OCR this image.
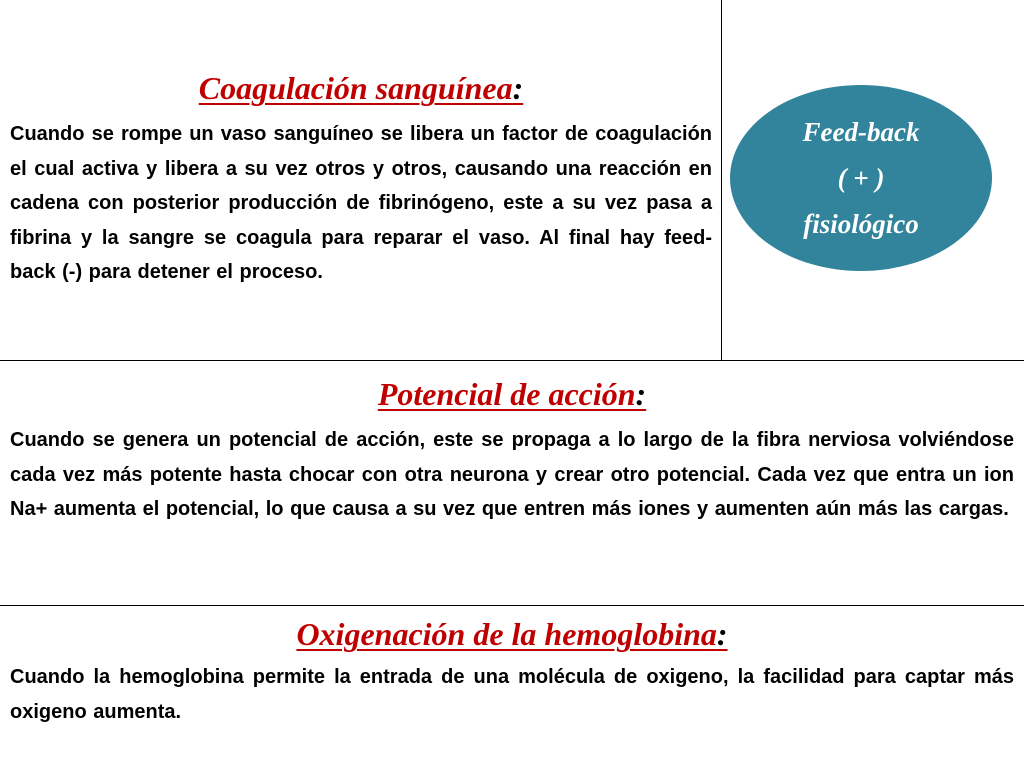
Coagulación sanguínea:

Cuando se rompe un vaso sanguíneo se libera un factor de coagulación el cual activa y libera a su vez otros y otros, causando una reacción en cadena con posterior producción de fibrinógeno, este a su vez pasa a fibrina y la sangre se coagula para reparar el vaso. Al final hay feed-back (-) para detener el proceso.

Feed-back
( + )
fisiológico
Potencial de acción:

Cuando se genera un potencial de acción, este se propaga a lo largo de la fibra nerviosa volviéndose cada vez más potente hasta chocar con otra neurona y crear otro potencial. Cada vez que entra un ion Na+ aumenta el potencial, lo que causa a su vez que entren más iones y aumenten aún más las cargas.

Oxigenación de la hemoglobina:

Cuando la hemoglobina permite la entrada de una molécula de oxigeno, la facilidad para captar más oxigeno aumenta.
